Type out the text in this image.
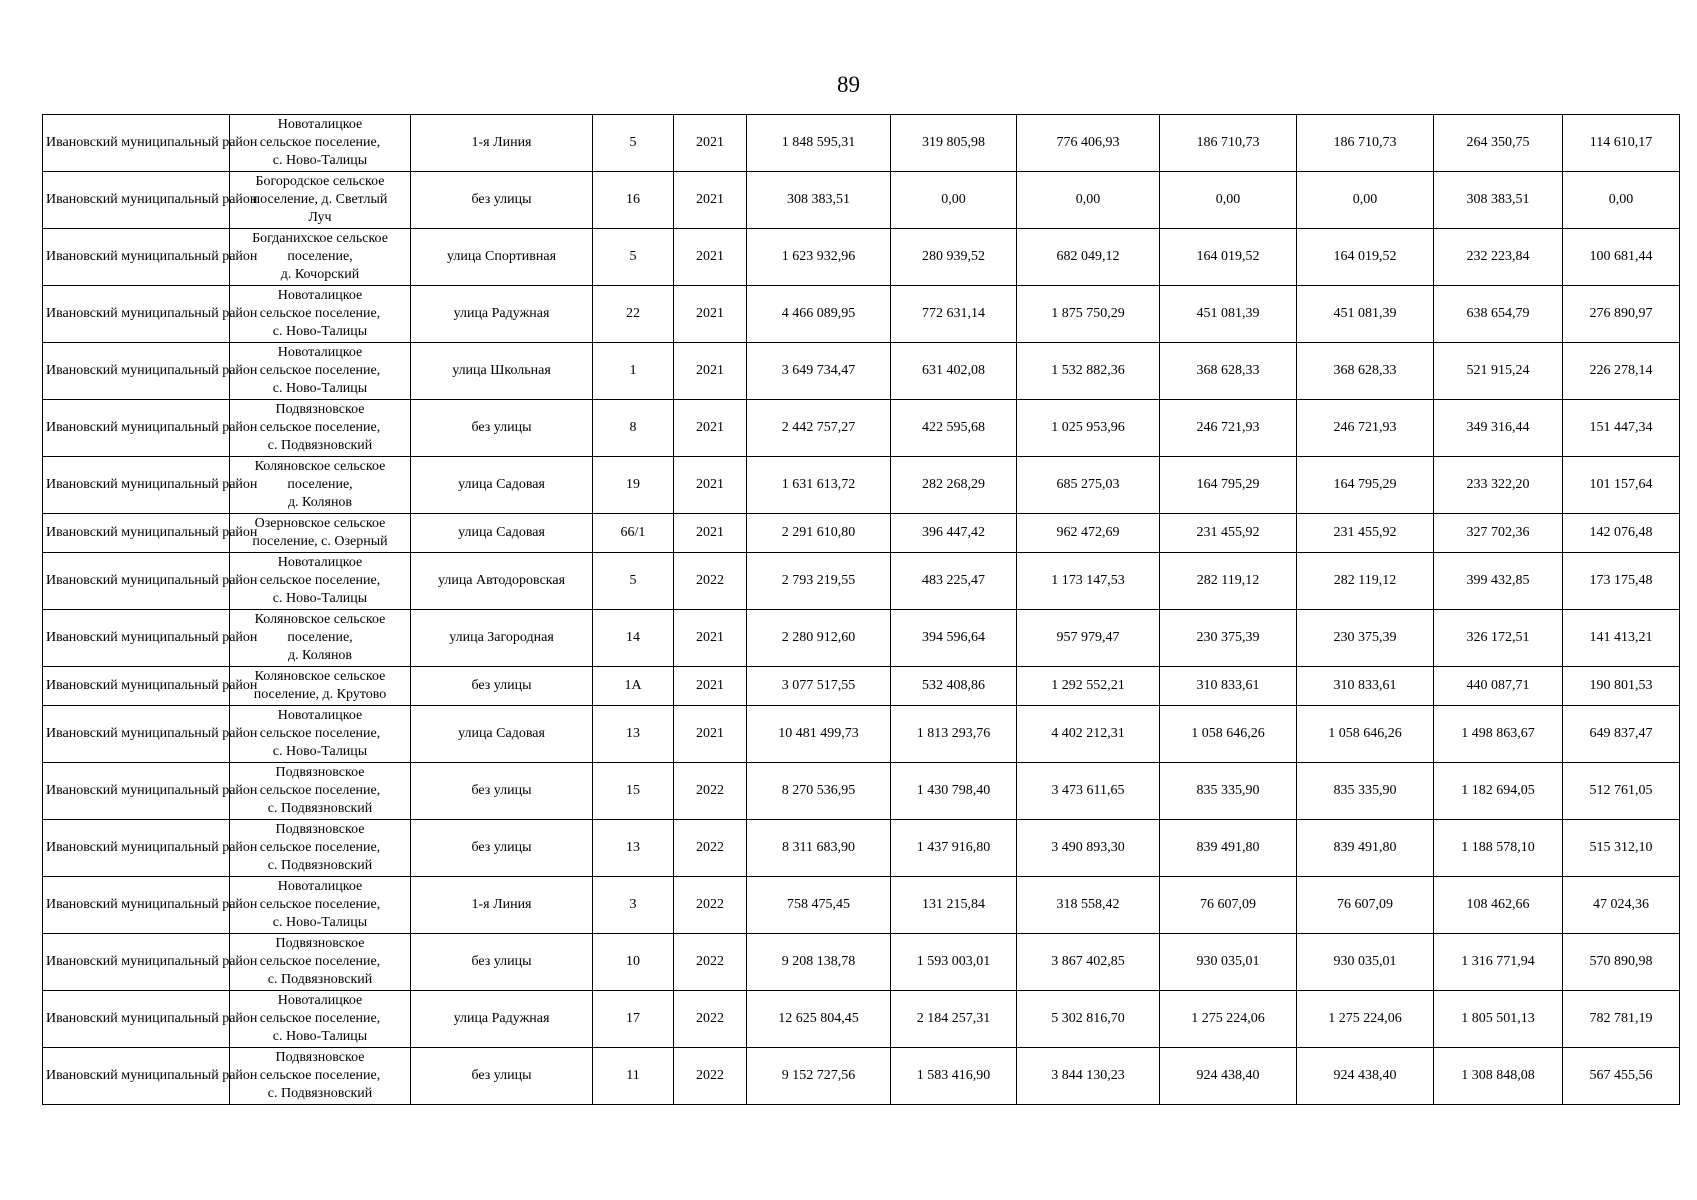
89
Ивановский муниципальный район	Новоталицкое
сельское поселение,
с. Ново-Талицы	1-я Линия	5	2021	1 848 595,31	319 805,98	776 406,93	186 710,73	186 710,73	264 350,75	114 610,17
Ивановский муниципальный район	Богородское сельское
поселение, д. Светлый
Луч	без улицы	16	2021	308 383,51	0,00	0,00	0,00	0,00	308 383,51	0,00
Ивановский муниципальный район	Богданихское сельское
поселение,
д. Кочорский	улица Спортивная	5	2021	1 623 932,96	280 939,52	682 049,12	164 019,52	164 019,52	232 223,84	100 681,44
Ивановский муниципальный район	Новоталицкое
сельское поселение,
с. Ново-Талицы	улица Радужная	22	2021	4 466 089,95	772 631,14	1 875 750,29	451 081,39	451 081,39	638 654,79	276 890,97
Ивановский муниципальный район	Новоталицкое
сельское поселение,
с. Ново-Талицы	улица Школьная	1	2021	3 649 734,47	631 402,08	1 532 882,36	368 628,33	368 628,33	521 915,24	226 278,14
Ивановский муниципальный район	Подвязновское
сельское поселение,
с. Подвязновский	без улицы	8	2021	2 442 757,27	422 595,68	1 025 953,96	246 721,93	246 721,93	349 316,44	151 447,34
Ивановский муниципальный район	Коляновское сельское
поселение,
д. Колянов	улица Садовая	19	2021	1 631 613,72	282 268,29	685 275,03	164 795,29	164 795,29	233 322,20	101 157,64
Ивановский муниципальный район	Озерновское сельское
поселение, с. Озерный	улица Садовая	66/1	2021	2 291 610,80	396 447,42	962 472,69	231 455,92	231 455,92	327 702,36	142 076,48
Ивановский муниципальный район	Новоталицкое
сельское поселение,
с. Ново-Талицы	улица Автодоровская	5	2022	2 793 219,55	483 225,47	1 173 147,53	282 119,12	282 119,12	399 432,85	173 175,48
Ивановский муниципальный район	Коляновское сельское
поселение,
д. Колянов	улица Загородная	14	2021	2 280 912,60	394 596,64	957 979,47	230 375,39	230 375,39	326 172,51	141 413,21
Ивановский муниципальный район	Коляновское сельское
поселение, д. Крутово	без улицы	1А	2021	3 077 517,55	532 408,86	1 292 552,21	310 833,61	310 833,61	440 087,71	190 801,53
Ивановский муниципальный район	Новоталицкое
сельское поселение,
с. Ново-Талицы	улица Садовая	13	2021	10 481 499,73	1 813 293,76	4 402 212,31	1 058 646,26	1 058 646,26	1 498 863,67	649 837,47
Ивановский муниципальный район	Подвязновское
сельское поселение,
с. Подвязновский	без улицы	15	2022	8 270 536,95	1 430 798,40	3 473 611,65	835 335,90	835 335,90	1 182 694,05	512 761,05
Ивановский муниципальный район	Подвязновское
сельское поселение,
с. Подвязновский	без улицы	13	2022	8 311 683,90	1 437 916,80	3 490 893,30	839 491,80	839 491,80	1 188 578,10	515 312,10
Ивановский муниципальный район	Новоталицкое
сельское поселение,
с. Ново-Талицы	1-я Линия	3	2022	758 475,45	131 215,84	318 558,42	76 607,09	76 607,09	108 462,66	47 024,36
Ивановский муниципальный район	Подвязновское
сельское поселение,
с. Подвязновский	без улицы	10	2022	9 208 138,78	1 593 003,01	3 867 402,85	930 035,01	930 035,01	1 316 771,94	570 890,98
Ивановский муниципальный район	Новоталицкое
сельское поселение,
с. Ново-Талицы	улица Радужная	17	2022	12 625 804,45	2 184 257,31	5 302 816,70	1 275 224,06	1 275 224,06	1 805 501,13	782 781,19
Ивановский муниципальный район	Подвязновское
сельское поселение,
с. Подвязновский	без улицы	11	2022	9 152 727,56	1 583 416,90	3 844 130,23	924 438,40	924 438,40	1 308 848,08	567 455,56
